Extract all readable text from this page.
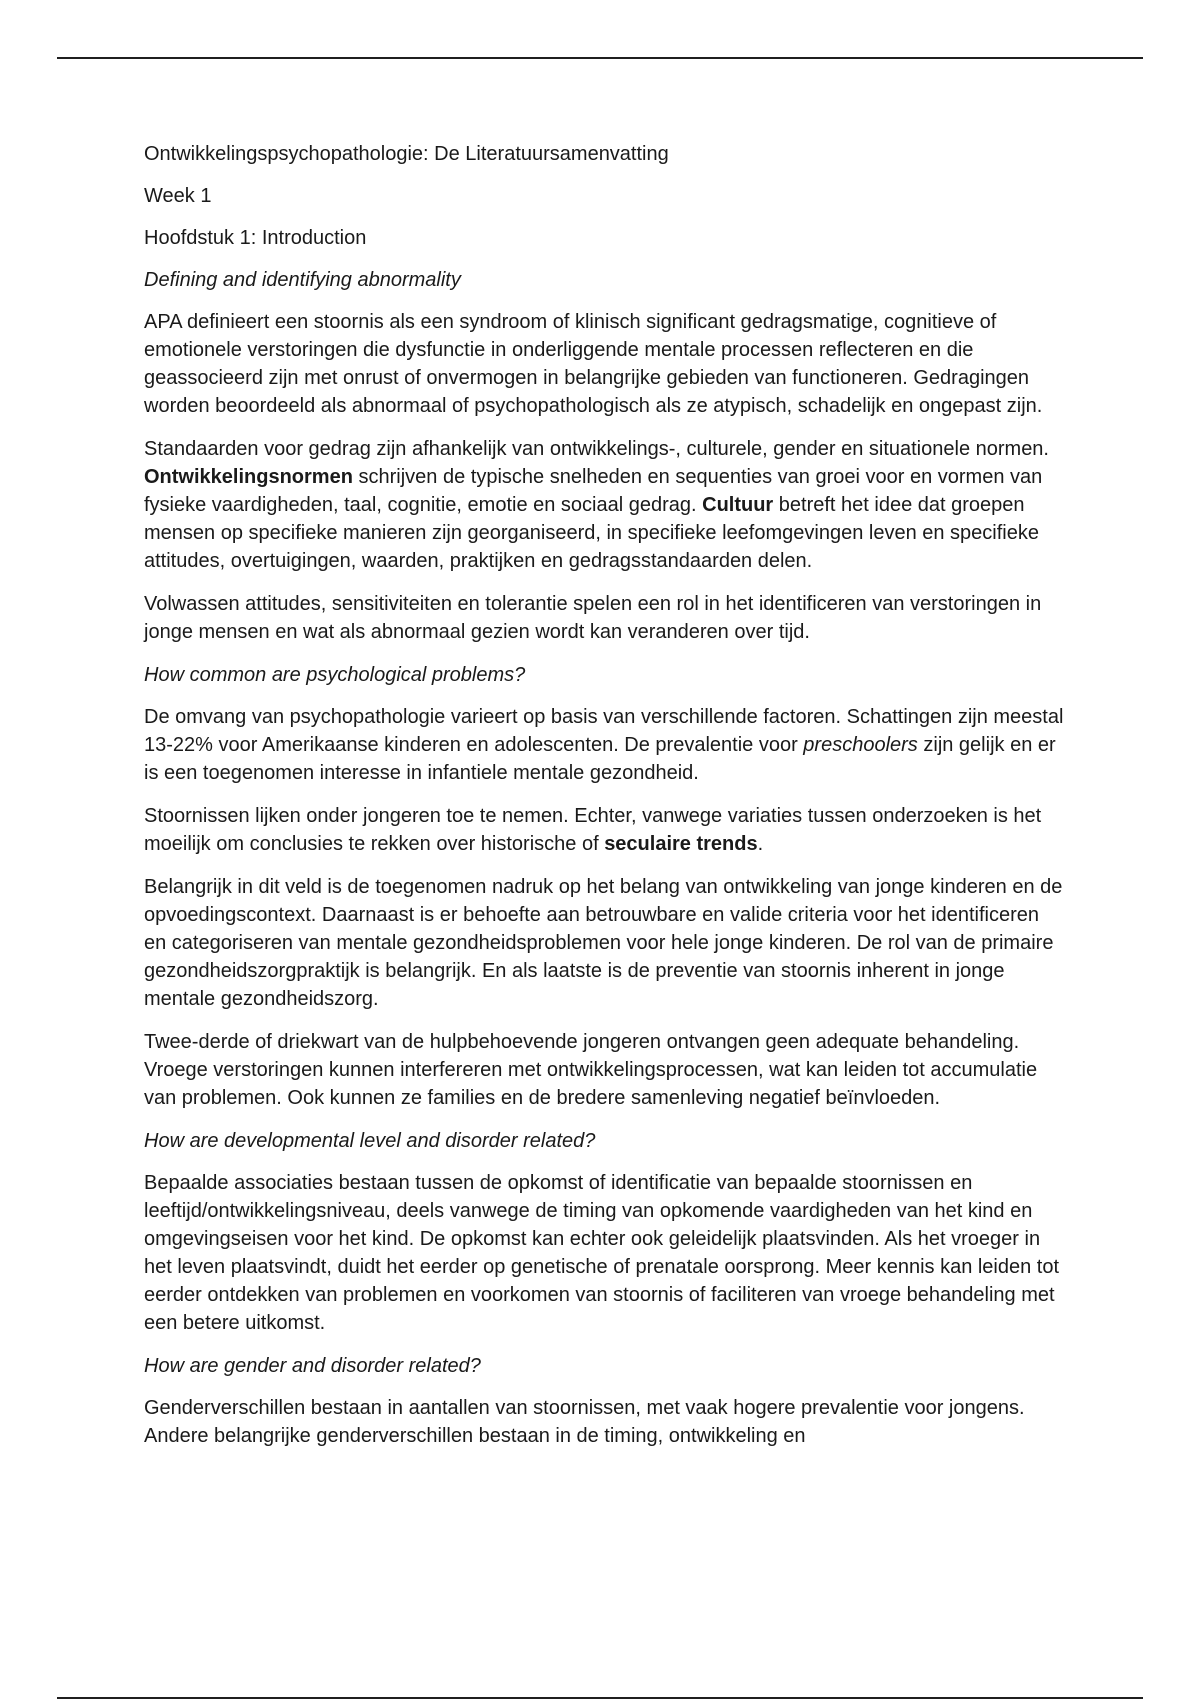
Ontwikkelingspsychopathologie: De Literatuursamenvatting

Week 1

Hoofdstuk 1: Introduction

Defining and identifying abnormality

APA definieert een stoornis als een syndroom of klinisch significant gedragsmatige, cognitieve of emotionele verstoringen die dysfunctie in onderliggende mentale processen reflecteren en die geassocieerd zijn met onrust of onvermogen in belangrijke gebieden van functioneren. Gedragingen worden beoordeeld als abnormaal of psychopathologisch als ze atypisch, schadelijk en ongepast zijn.

Standaarden voor gedrag zijn afhankelijk van ontwikkelings-, culturele, gender en situationele normen. Ontwikkelingsnormen schrijven de typische snelheden en sequenties van groei voor en vormen van fysieke vaardigheden, taal, cognitie, emotie en sociaal gedrag. Cultuur betreft het idee dat groepen mensen op specifieke manieren zijn georganiseerd, in specifieke leefomgevingen leven en specifieke attitudes, overtuigingen, waarden, praktijken en gedragsstandaarden delen.

Volwassen attitudes, sensitiviteiten en tolerantie spelen een rol in het identificeren van verstoringen in jonge mensen en wat als abnormaal gezien wordt kan veranderen over tijd.

How common are psychological problems?

De omvang van psychopathologie varieert op basis van verschillende factoren. Schattingen zijn meestal 13-22% voor Amerikaanse kinderen en adolescenten. De prevalentie voor preschoolers zijn gelijk en er is een toegenomen interesse in infantiele mentale gezondheid.

Stoornissen lijken onder jongeren toe te nemen. Echter, vanwege variaties tussen onderzoeken is het moeilijk om conclusies te rekken over historische of seculaire trends.

Belangrijk in dit veld is de toegenomen nadruk op het belang van ontwikkeling van jonge kinderen en de opvoedingscontext. Daarnaast is er behoefte aan betrouwbare en valide criteria voor het identificeren en categoriseren van mentale gezondheidsproblemen voor hele jonge kinderen. De rol van de primaire gezondheidszorgpraktijk is belangrijk. En als laatste is de preventie van stoornis inherent in jonge mentale gezondheidszorg.

Twee-derde of driekwart van de hulpbehoevende jongeren ontvangen geen adequate behandeling. Vroege verstoringen kunnen interfereren met ontwikkelingsprocessen, wat kan leiden tot accumulatie van problemen. Ook kunnen ze families en de bredere samenleving negatief beïnvloeden.

How are developmental level and disorder related?

Bepaalde associaties bestaan tussen de opkomst of identificatie van bepaalde stoornissen en leeftijd/ontwikkelingsniveau, deels vanwege de timing van opkomende vaardigheden van het kind en omgevingseisen voor het kind. De opkomst kan echter ook geleidelijk plaatsvinden. Als het vroeger in het leven plaatsvindt, duidt het eerder op genetische of prenatale oorsprong. Meer kennis kan leiden tot eerder ontdekken van problemen en voorkomen van stoornis of faciliteren van vroege behandeling met een betere uitkomst.

How are gender and disorder related?

Genderverschillen bestaan in aantallen van stoornissen, met vaak hogere prevalentie voor jongens. Andere belangrijke genderverschillen bestaan in de timing, ontwikkeling en
